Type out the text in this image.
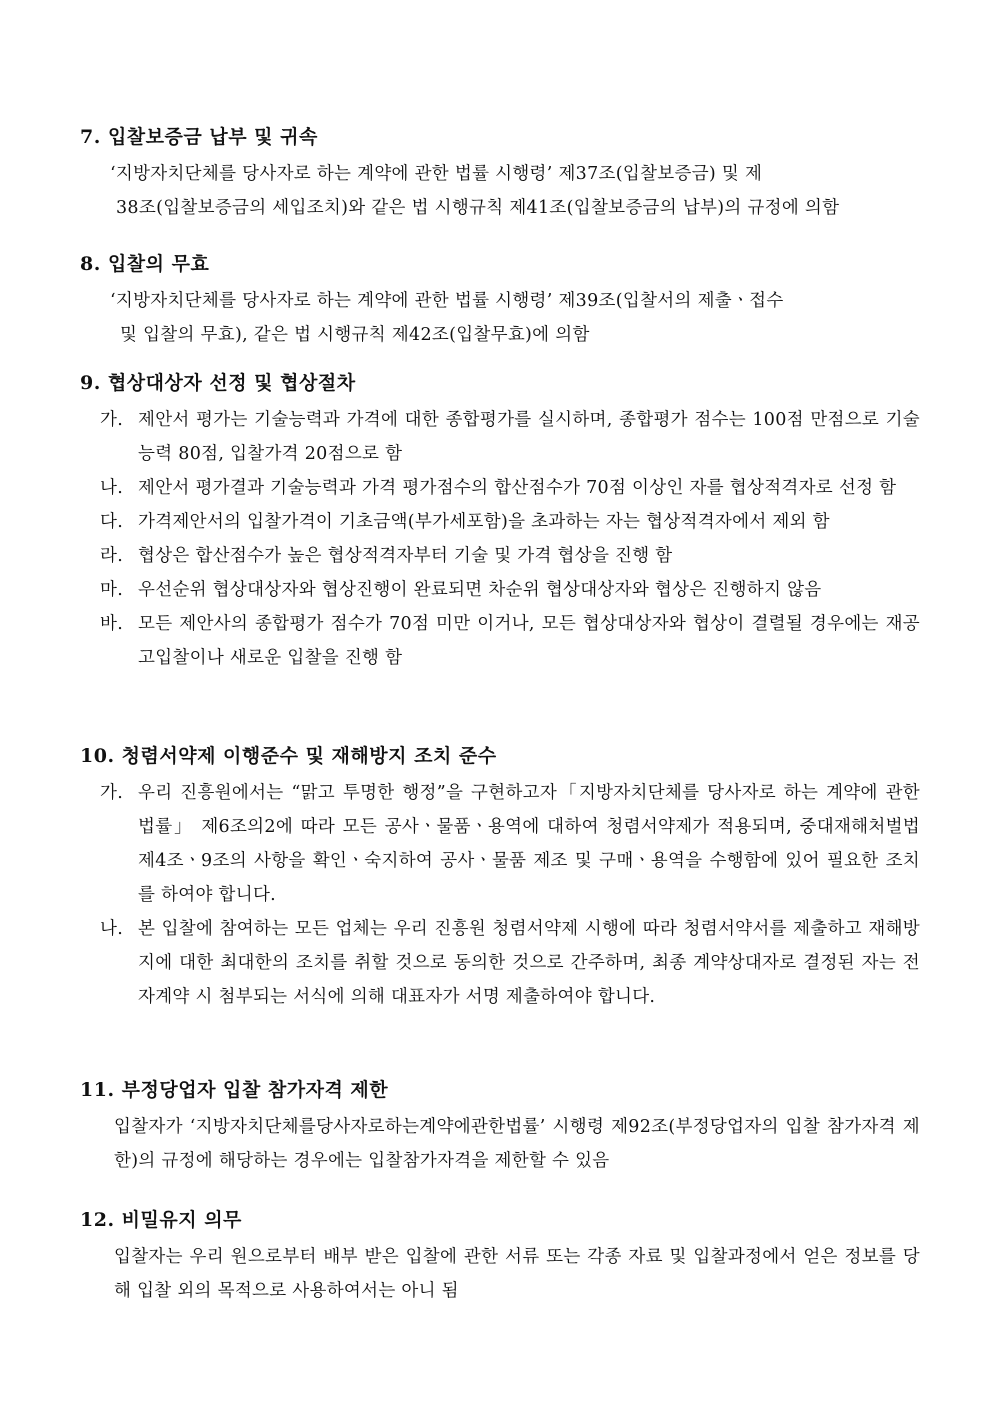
7. 입찰보증금 납부 및 귀속

‘지방자치단체를 당사자로 하는 계약에 관한 법률 시행령’ 제37조(입찰보증금) 및 제

38조(입찰보증금의 세입조치)와 같은 법 시행규칙 제41조(입찰보증금의 납부)의 규정에 의함

8. 입찰의 무효

‘지방자치단체를 당사자로 하는 계약에 관한 법률 시행령’ 제39조(입찰서의 제출ㆍ접수

및 입찰의 무효), 같은 법 시행규칙 제42조(입찰무효)에 의함

9. 협상대상자 선정 및 협상절차

가. 제안서 평가는 기술능력과 가격에 대한 종합평가를 실시하며, 종합평가 점수는 100점 만점으로 기술능력 80점, 입찰가격 20점으로 함
나. 제안서 평가결과 기술능력과 가격 평가점수의 합산점수가 70점 이상인 자를 협상적격자로 선정 함
다. 가격제안서의 입찰가격이 기초금액(부가세포함)을 초과하는 자는 협상적격자에서 제외 함
라. 협상은 합산점수가 높은 협상적격자부터 기술 및 가격 협상을 진행 함
마. 우선순위 협상대상자와 협상진행이 완료되면 차순위 협상대상자와 협상은 진행하지 않음
바. 모든 제안사의 종합평가 점수가 70점 미만 이거나, 모든 협상대상자와 협상이 결렬될 경우에는 재공고입찰이나 새로운 입찰을 진행 함

10. 청렴서약제 이행준수 및 재해방지 조치 준수

가. 우리 진흥원에서는 “맑고 투명한 행정”을 구현하고자「지방자치단체를 당사자로 하는 계약에 관한 법률」 제6조의2에 따라 모든 공사ㆍ물품ㆍ용역에 대하여 청렴서약제가 적용되며, 중대재해처벌법 제4조ㆍ9조의 사항을 확인ㆍ숙지하여 공사ㆍ물품 제조 및 구매ㆍ용역을 수행함에 있어 필요한 조치를 하여야 합니다.
나. 본 입찰에 참여하는 모든 업체는 우리 진흥원 청렴서약제 시행에 따라 청렴서약서를 제출하고 재해방지에 대한 최대한의 조치를 취할 것으로 동의한 것으로 간주하며, 최종 계약상대자로 결정된 자는 전자계약 시 첨부되는 서식에 의해 대표자가 서명 제출하여야 합니다.

11. 부정당업자 입찰 참가자격 제한

입찰자가 ‘지방자치단체를당사자로하는계약에관한법률’ 시행령 제92조(부정당업자의 입찰 참가자격 제한)의 규정에 해당하는 경우에는 입찰참가자격을 제한할 수 있음

12. 비밀유지 의무

입찰자는 우리 원으로부터 배부 받은 입찰에 관한 서류 또는 각종 자료 및 입찰과정에서 얻은 정보를 당해 입찰 외의 목적으로 사용하여서는 아니 됨
